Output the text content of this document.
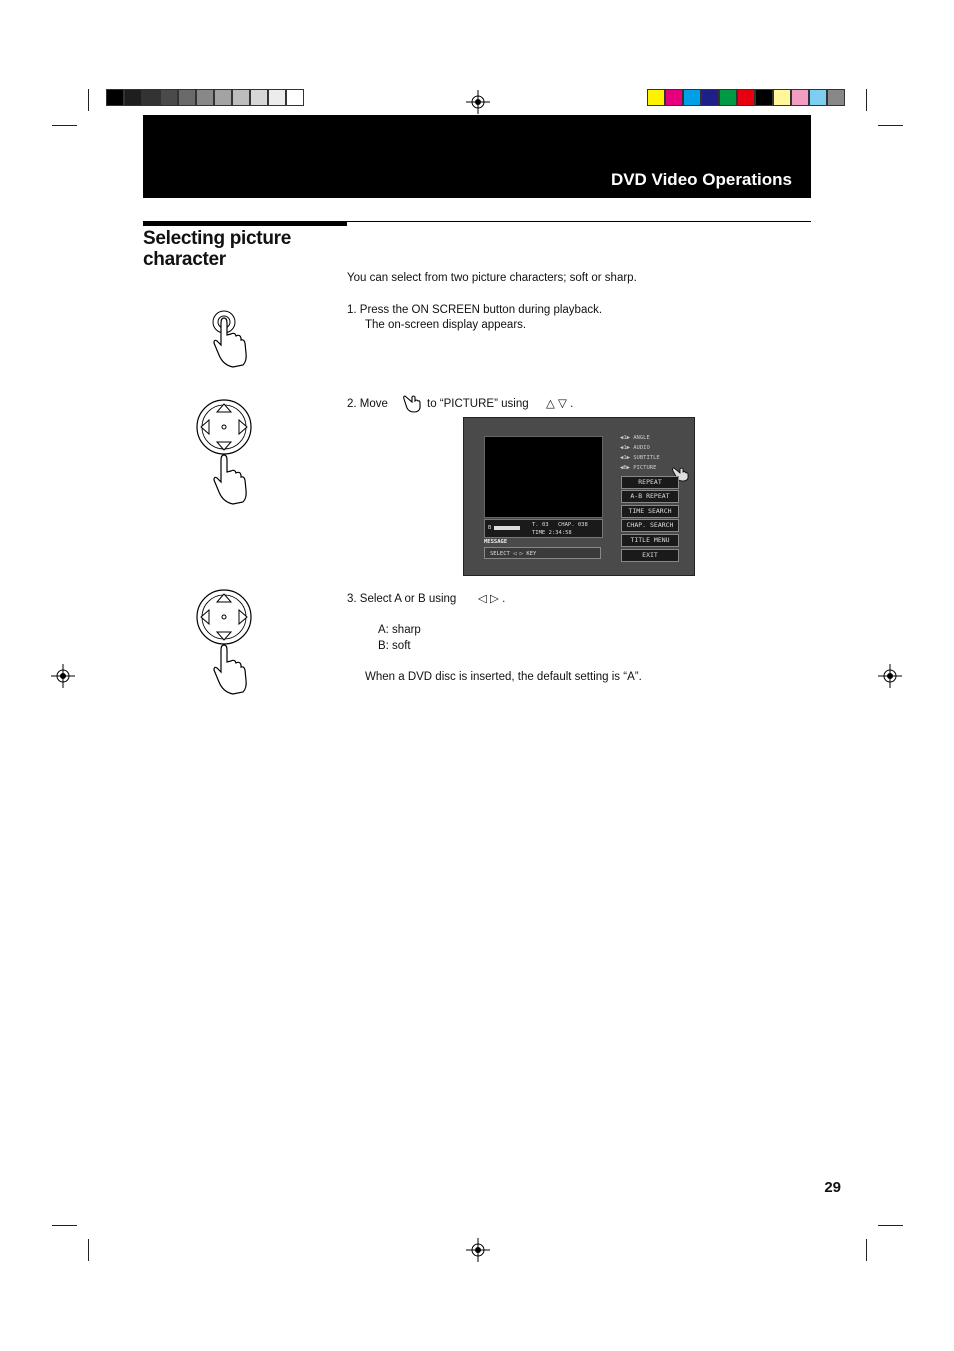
DVD Video Operations
Selecting picture
character
You can select from two picture characters; soft or sharp.
1. Press the ON SCREEN button during playback.
The on-screen display appears.
2. Move	to “PICTURE” using △ ▽ .
◀1▶ ANGLE
◀1▶ AUDIO
◀1▶ SUBTITLE
◀B▶ PICTURE
REPEAT
A-B REPEAT
TIME SEARCH
CHAP. SEARCH
TITLE MENU
EXIT
B	T. 03 CHAP. 038
TIME 2:34:58
MESSAGE
SELECT ◁ ▷ KEY
3. Select A or B using ◁ ▷ .
A: sharp
B: soft
When a DVD disc is inserted, the default setting is “A”.
29
